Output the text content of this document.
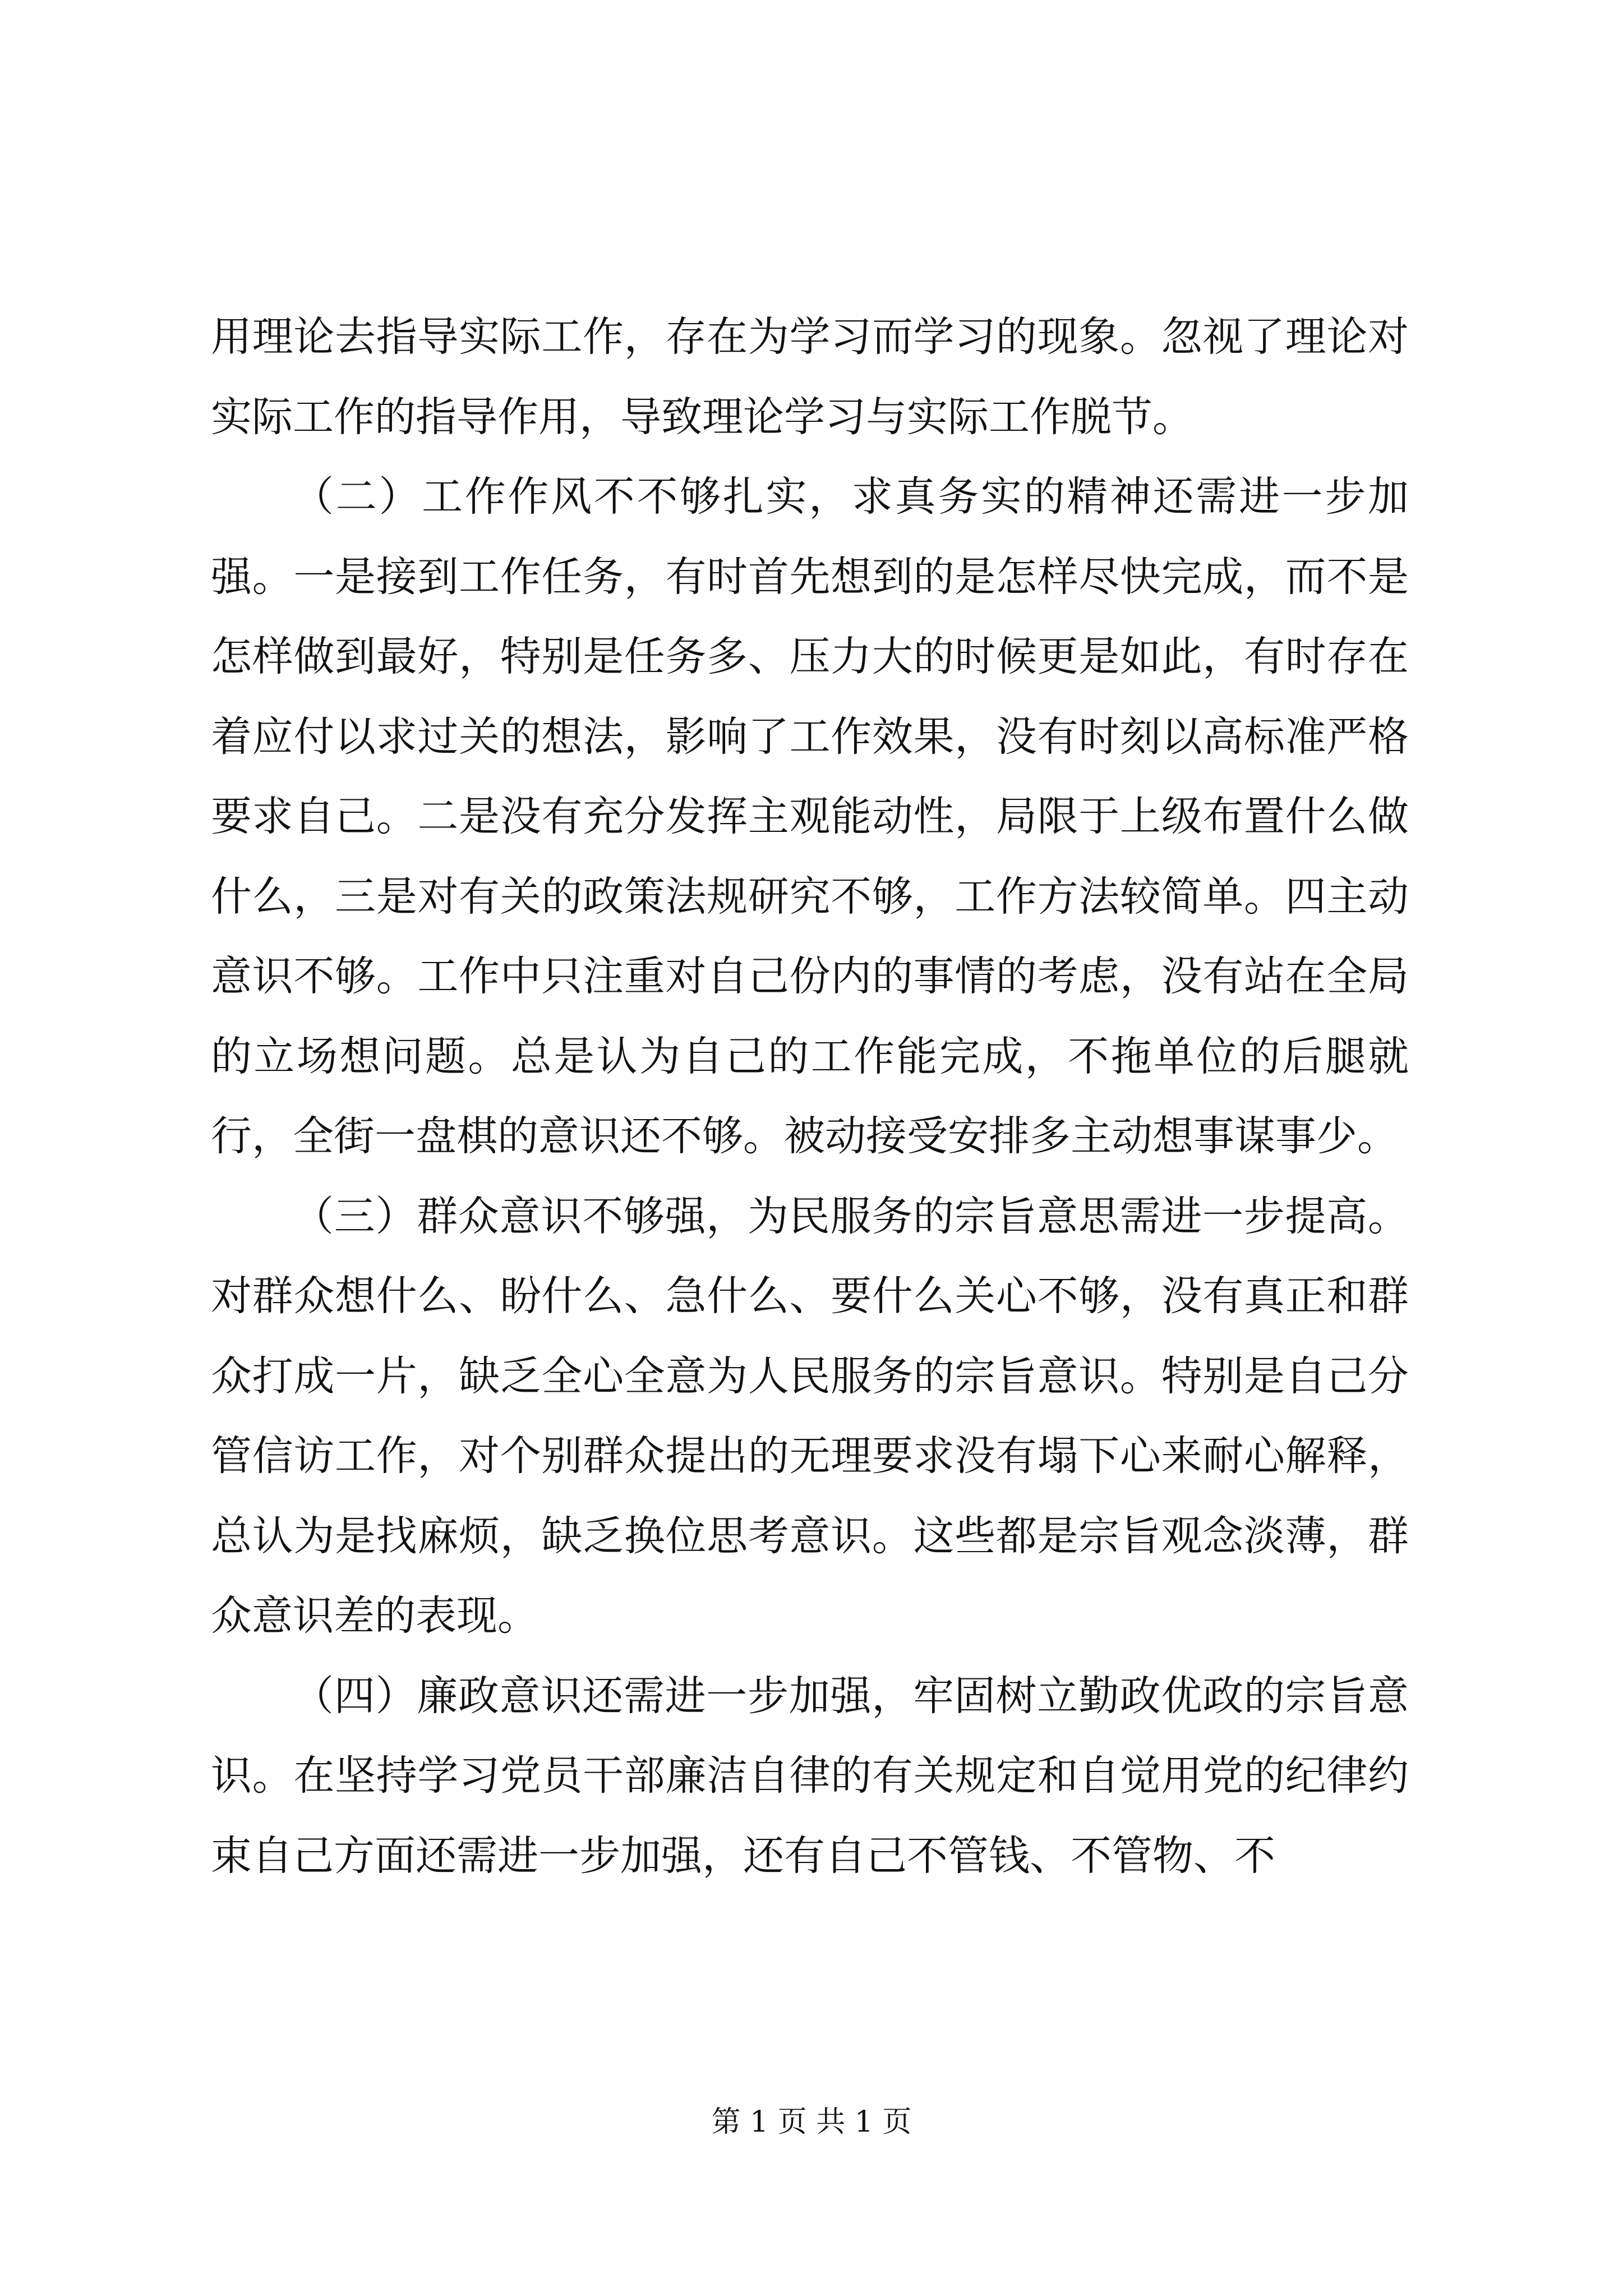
用理论去指导实际工作，存在为学习而学习的现象。忽视了理论对实际工作的指导作用，导致理论学习与实际工作脱节。

（二）工作作风不不够扎实，求真务实的精神还需进一步加强。一是接到工作任务，有时首先想到的是怎样尽快完成，而不是怎样做到最好，特别是任务多、压力大的时候更是如此，有时存在着应付以求过关的想法，影响了工作效果，没有时刻以高标准严格要求自己。二是没有充分发挥主观能动性，局限于上级布置什么做什么，三是对有关的政策法规研究不够，工作方法较简单。四主动意识不够。工作中只注重对自己份内的事情的考虑，没有站在全局的立场想问题。总是认为自己的工作能完成，不拖单位的后腿就行，全街一盘棋的意识还不够。被动接受安排多主动想事谋事少。

（三）群众意识不够强，为民服务的宗旨意思需进一步提高。对群众想什么、盼什么、急什么、要什么关心不够，没有真正和群众打成一片，缺乏全心全意为人民服务的宗旨意识。特别是自己分管信访工作，对个别群众提出的无理要求没有塌下心来耐心解释，总认为是找麻烦，缺乏换位思考意识。这些都是宗旨观念淡薄，群众意识差的表现。

（四）廉政意识还需进一步加强，牢固树立勤政优政的宗旨意识。在坚持学习党员干部廉洁自律的有关规定和自觉用党的纪律约束自己方面还需进一步加强，还有自己不管钱、不管物、不

第 1 页 共 1 页
